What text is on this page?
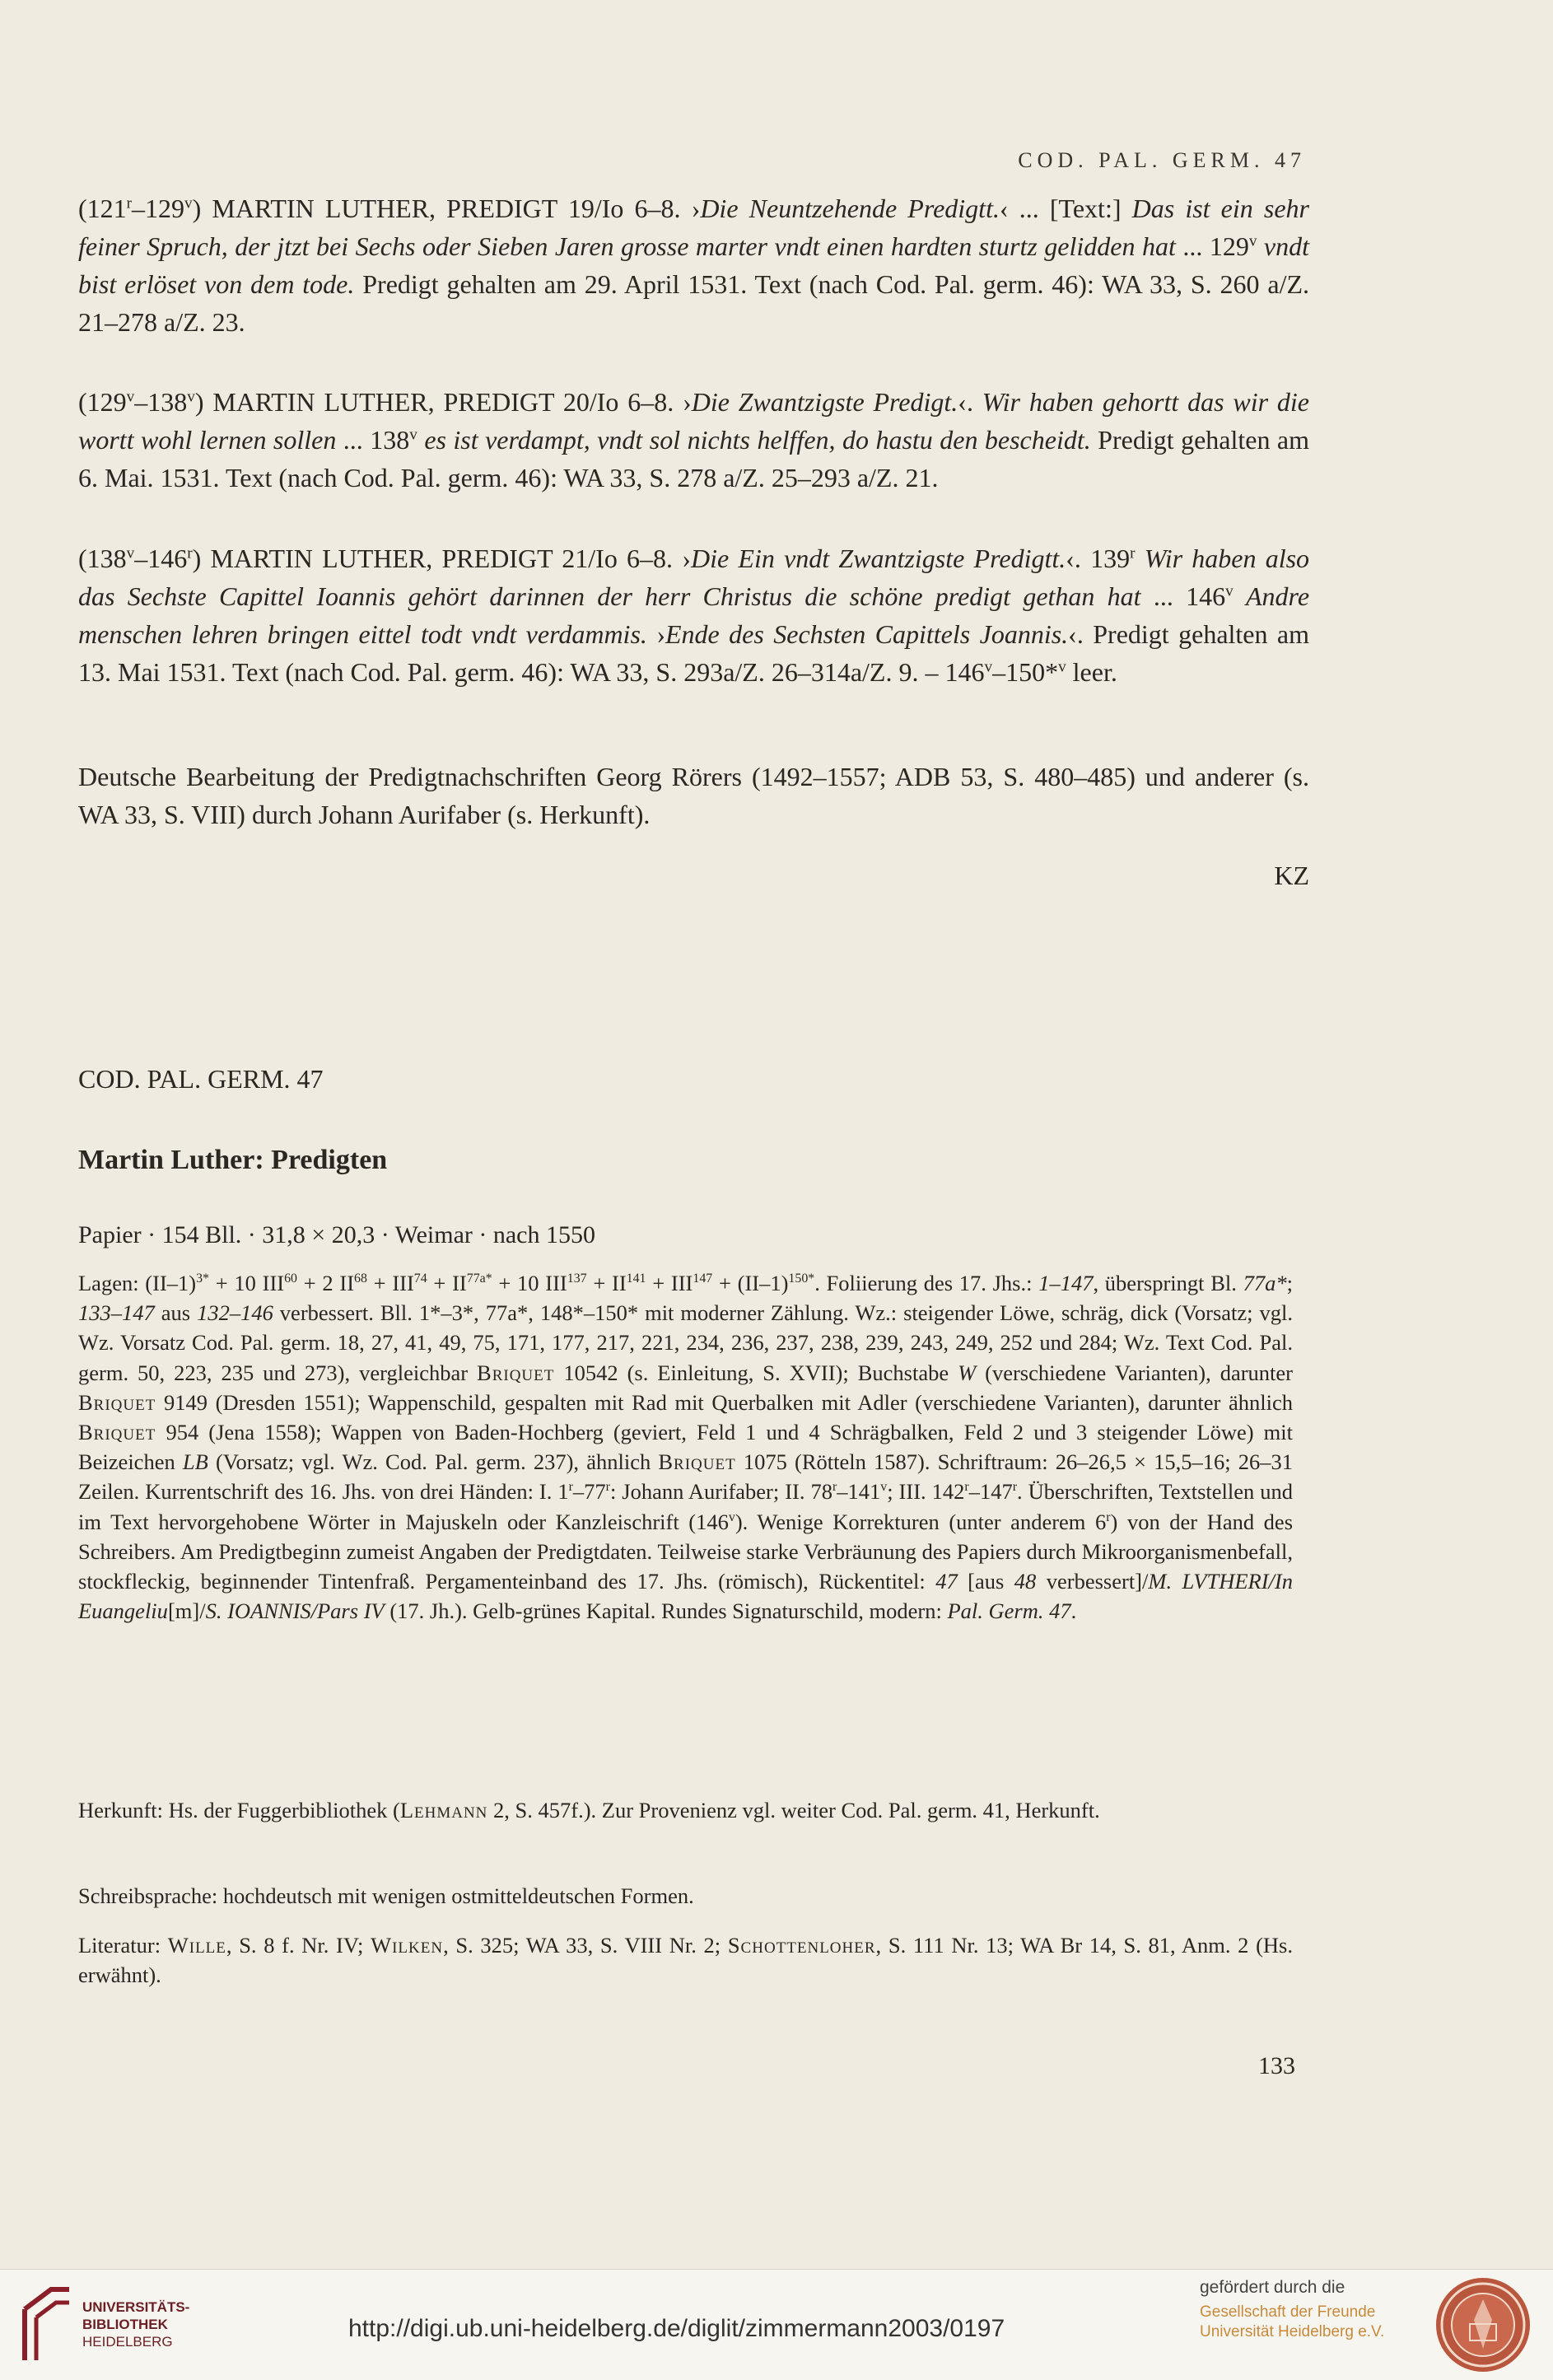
COD. PAL. GERM. 47

(121$^r$–129$^v$) MARTIN LUTHER, PREDIGT 19/Io 6–8. ›Die Neuntzehende Predigtt.‹ ... [Text:] Das ist ein sehr feiner Spruch, der jtzt bei Sechs oder Sieben Jaren grosse marter vndt einen hardten sturtz gelidden hat ... 129$^v$ vndt bist erlöset von dem tode. Predigt gehalten am 29. April 1531. Text (nach Cod. Pal. germ. 46): WA 33, S. 260 a/Z. 21–278 a/Z. 23.

(129$^v$–138$^v$) MARTIN LUTHER, PREDIGT 20/Io 6–8. ›Die Zwantzigste Predigt.‹. Wir haben gehortt das wir die wortt wohl lernen sollen ... 138$^v$ es ist verdampt, vndt sol nichts helffen, do hastu den bescheidt. Predigt gehalten am 6. Mai. 1531. Text (nach Cod. Pal. germ. 46): WA 33, S. 278 a/Z. 25–293 a/Z. 21.

(138$^v$–146$^r$) MARTIN LUTHER, PREDIGT 21/Io 6–8. ›Die Ein vndt Zwantzigste Predigtt.‹. 139$^r$ Wir haben also das Sechste Capittel Ioannis gehört darinnen der herr Christus die schöne predigt gethan hat ... 146$^v$ Andre menschen lehren bringen eittel todt vndt verdammis. ›Ende des Sechsten Capittels Joannis.‹. Predigt gehalten am 13. Mai 1531. Text (nach Cod. Pal. germ. 46): WA 33, S. 293a/Z. 26–314a/Z. 9. – 146$^v$–150*$^v$ leer.

Deutsche Bearbeitung der Predigtnachschriften Georg Rörers (1492–1557; ADB 53, S. 480–485) und anderer (s. WA 33, S. VIII) durch Johann Aurifaber (s. Herkunft).

KZ
COD. PAL. GERM. 47
Martin Luther: Predigten
Papier · 154 Bll. · 31,8 × 20,3 · Weimar · nach 1550

Lagen: $(II-1)^{3*} + 10$ $III^{60} + 2$ $II^{68} + III^{74} + II^{77a*} + 10$ $III^{137} + II^{141} + III^{147} + (II-1)^{150*}$. Foliierung des 17. Jhs.: 1–147, überspringt Bl. 77a*; 133–147 aus 132–146 verbessert. Bll. 1*–3*, 77a*, 148*–150* mit moderner Zählung. Wz.: steigender Löwe, schräg, dick (Vorsatz; vgl. Wz. Vorsatz Cod. Pal. germ. 18, 27, 41, 49, 75, 171, 177, 217, 221, 234, 236, 237, 238, 239, 243, 249, 252 und 284; Wz. Text Cod. Pal. germ. 50, 223, 235 und 273), vergleichbar Briquet 10542 (s. Einleitung, S. XVII); Buchstabe W (verschiedene Varianten), darunter Briquet 9149 (Dresden 1551); Wappenschild, gespalten mit Rad mit Querbalken mit Adler (verschiedene Varianten), darunter ähnlich Briquet 954 (Jena 1558); Wappen von Baden-Hochberg (geviert, Feld 1 und 4 Schrägbalken, Feld 2 und 3 steigender Löwe) mit Beizeichen LB (Vorsatz; vgl. Wz. Cod. Pal. germ. 237), ähnlich Briquet 1075 (Rötteln 1587). Schriftraum: 26–26,5 × 15,5–16; 26–31 Zeilen. Kurrentschrift des 16. Jhs. von drei Händen: I. 1$^r$–77$^r$: Johann Aurifaber; II. 78$^r$–141$^v$; III. 142$^r$–147$^r$. Überschriften, Textstellen und im Text hervorgehobene Wörter in Majuskeln oder Kanzleischrift (146$^v$). Wenige Korrekturen (unter anderem 6$^r$) von der Hand des Schreibers. Am Predigtbeginn zumeist Angaben der Predigtdaten. Teilweise starke Verbräunung des Papiers durch Mikroorganismenbefall, stockfleckig, beginnender Tintenfraß. Pergamenteinband des 17. Jhs. (römisch), Rückentitel: 47 [aus 48 verbessert]/M. LVTHERI/In Euangeliu[m]/S. IOANNIS/Pars IV (17. Jh.). Gelb-grünes Kapital. Rundes Signaturschild, modern: Pal. Germ. 47.

Herkunft: Hs. der Fuggerbibliothek (Lehmann 2, S. 457f.). Zur Provenienz vgl. weiter Cod. Pal. germ. 41, Herkunft.

Schreibsprache: hochdeutsch mit wenigen ostmitteldeutschen Formen.

Literatur: Wille, S. 8 f. Nr. IV; Wilken, S. 325; WA 33, S. VIII Nr. 2; Schottenloher, S. 111 Nr. 13; WA Br 14, S. 81, Anm. 2 (Hs. erwähnt).

133
UNIVERSITÄTS-
BIBLIOTHEK
HEIDELBERG	http://digi.ub.uni-heidelberg.de/diglit/zimmermann2003/0197
gefördert durch die
Gesellschaft der Freunde
Universität Heidelberg e.V.
